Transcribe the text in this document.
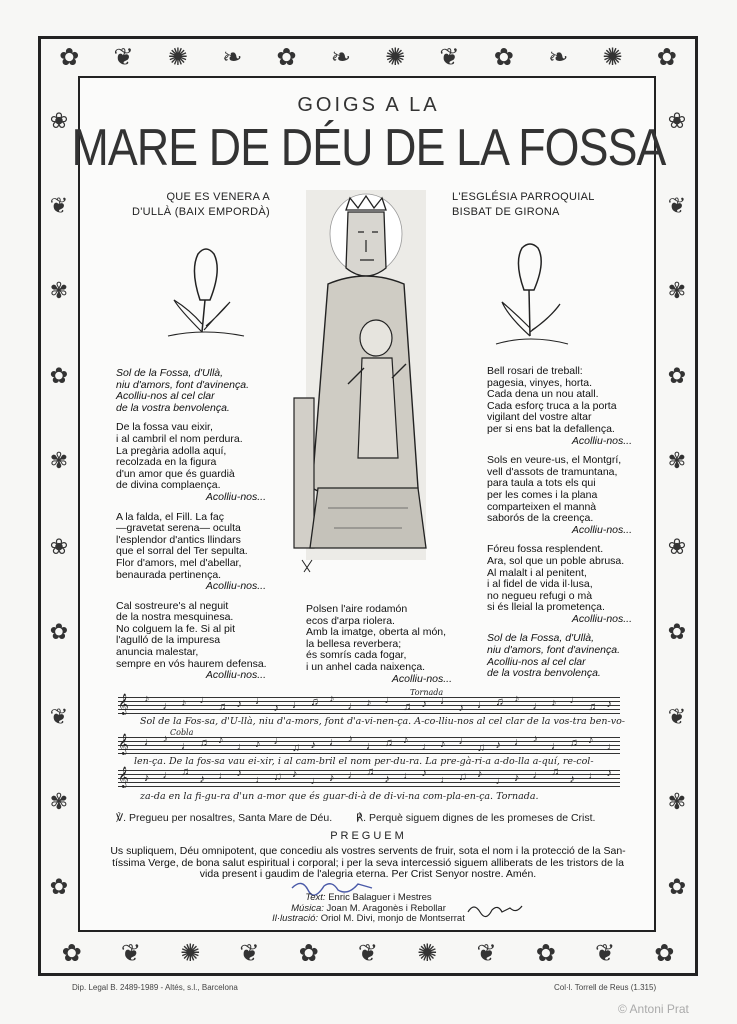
✿ ❦ ✺ ❧ ✿ ❧ ✺ ❦ ✿ ❧ ✺ ✿
✿ ❦ ✺ ❦ ✿ ❦ ✺ ❦ ✿ ❦ ✿
❀
❦
✾
✿
✾
❀
✿
❦
✾
✿
❀
❦
✾
✿
✾
❀
✿
❦
✾
✿
GOIGS A LA
MARE DE DÉU DE LA FOSSA
QUE ES VENERA A
D'ULLÀ (BAIX EMPORDÀ)
L'ESGLÉSIA PARROQUIAL
BISBAT DE GIRONA
Sol de la Fossa, d'Ullà,
niu d'amors, font d'avinença.
Acolliu-nos al cel clar
de la vostra benvolença.
De la fossa vau eixir,
i al cambril el nom perdura.
La pregària adolla aquí,
recolzada en la figura
d'un amor que és guardià
de divina complaença.
Acolliu-nos...
A la falda, el Fill. La faç
—gravetat serena— oculta
l'esplendor d'antics llindars
que el sorral del Ter sepulta.
Flor d'amors, mel d'abellar,
benaurada pertinença.
Acolliu-nos...
Cal sostreure's al neguit
de la nostra mesquinesa.
No colguem la fe. Si al pit
l'agulló de la impuresa
anuncia malestar,
sempre en vós haurem defensa.
Acolliu-nos...
Polsen l'aire rodamón
ecos d'arpa riolera.
Amb la imatge, oberta al món,
la bellesa reverbera;
és somrís cada fogar,
i un anhel cada naixença.
Acolliu-nos...
Bell rosari de treball:
pagesia, vinyes, horta.
Cada dena un nou atall.
Cada esforç truca a la porta
vigilant del vostre altar
per si ens bat la defallença.
Acolliu-nos...
Sols en veure-us, el Montgrí,
vell d'assots de tramuntana,
para taula a tots els qui
per les comes i la plana
comparteixen el mannà
saborós de la creença.
Acolliu-nos...
Fóreu fossa resplendent.
Ara, sol que un poble abrusa.
Al malalt i al penitent,
i al fidel de vida il·lusa,
no negueu refugi o mà
si és lleial la prometença.
Acolliu-nos...
Sol de la Fossa, d'Ullà,
niu d'amors, font d'avinença.
Acolliu-nos al cel clar
de la vostra benvolença.
Tornada
Cobla
𝄞 ♪
♩ ♪ ♩
♫ ♪ ♩
♪ ♩ ♫ ♪
♩ ♪ ♩
♫ ♪ ♩
♪ ♩ ♫ ♪
♩ ♪ ♩
♫ ♪
Sol de la Fos-sa, d'U-llà, niu d'a-mors, font d'a-vi-nen-ça. A-co-lliu-nos al cel clar de la vos-tra ben-vo-
𝄞 ♩ ♪
♩ ♫ ♪
♩ ♪ ♩
♫ ♪ ♩ ♪
♩ ♫ ♪
♩ ♪ ♩
♫ ♪ ♩ ♪
♩ ♫ ♪
♩
len-ça. De la fos-sa vau ei-xir, i al cam-bril el nom per-du-ra. La pre-gà-ri-a a-do-lla a-quí, re-col-
𝄞 ♪ ♩ ♫
♪ ♩ ♪
♩ ♫ ♪
♩ ♪ ♩ ♫
♪ ♩ ♪
♩ ♫ ♪
♩ ♪ ♩ ♫
♪ ♩ ♪
za-da en la fi-gu-ra d'un a-mor que és guar-di-à de di-vi-na com-pla-en-ça. Tornada.
℣. Pregueu per nosaltres, Santa Mare de Déu. ℟. Perquè siguem dignes de les promeses de Crist.
PREGUEM
Us supliquem, Déu omnipotent, que concediu als vostres servents de fruir, sota el nom i la protecció de la San-
tíssima Verge, de bona salut espiritual i corporal; i per la seva intercessió siguem alliberats de les tristors de la
vida present i gaudim de l'alegria eterna. Per Crist Senyor nostre. Amén.
Text: Enric Balaguer i Mestres
Música: Joan M. Aragonès i Rebollar
Il·lustració: Oriol M. Divi, monjo de Montserrat
Dip. Legal B. 2489-1989 - Altés, s.l., Barcelona	Col·l. Torrell de Reus (1.315)
© Antoni Prat
